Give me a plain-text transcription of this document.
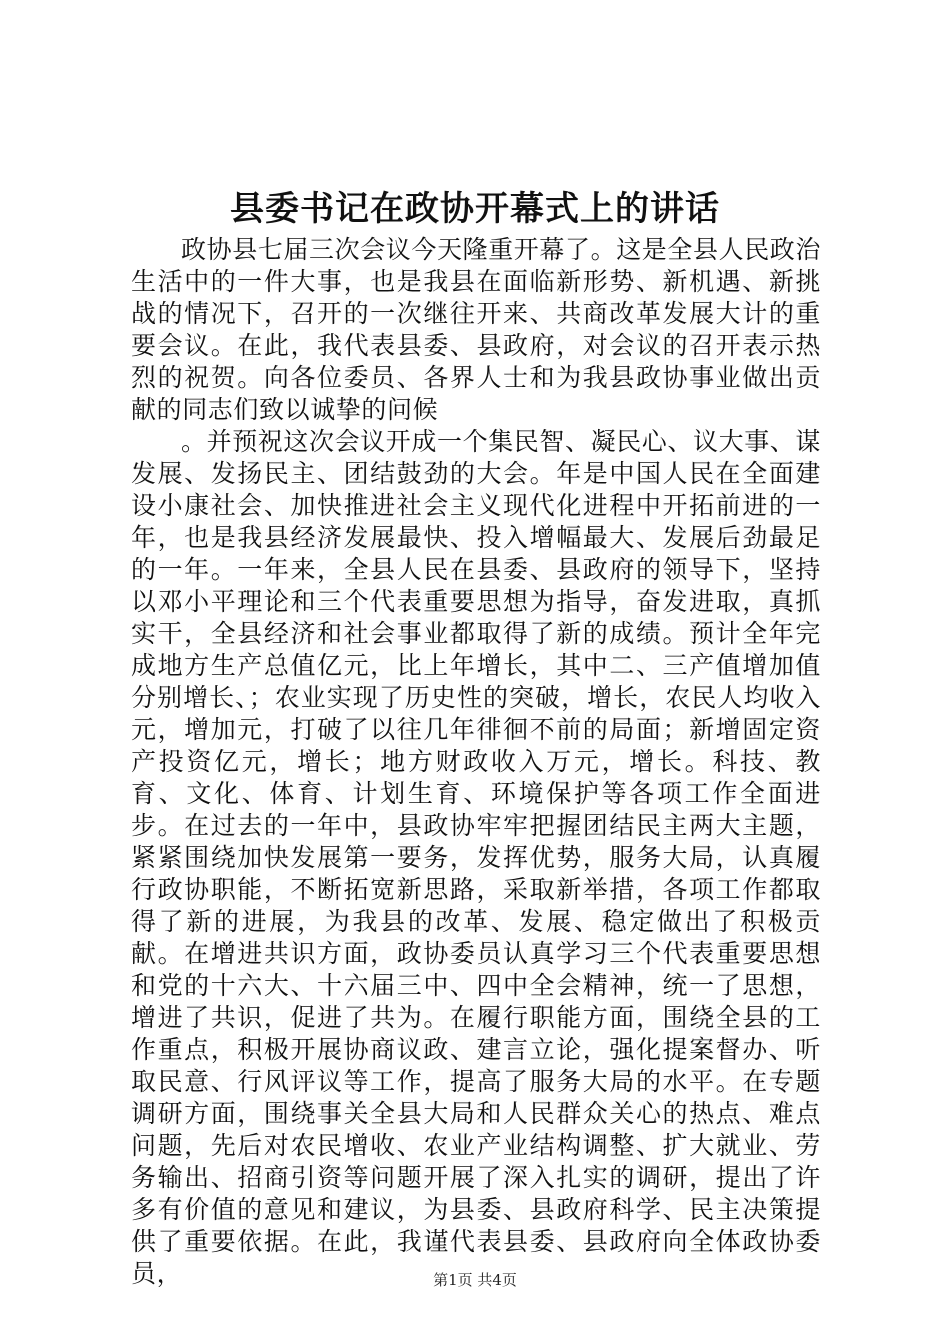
县委书记在政协开幕式上的讲话

政协县七届三次会议今天隆重开幕了。这是全县人民政治生活中的一件大事，也是我县在面临新形势、新机遇、新挑战的情况下，召开的一次继往开来、共商改革发展大计的重要会议。在此，我代表县委、县政府，对会议的召开表示热烈的祝贺。向各位委员、各界人士和为我县政协事业做出贡献的同志们致以诚挚的问候

。并预祝这次会议开成一个集民智、凝民心、议大事、谋发展、发扬民主、团结鼓劲的大会。年是中国人民在全面建设小康社会、加快推进社会主义现代化进程中开拓前进的一年，也是我县经济发展最快、投入增幅最大、发展后劲最足的一年。一年来，全县人民在县委、县政府的领导下，坚持以邓小平理论和三个代表重要思想为指导，奋发进取，真抓实干，全县经济和社会事业都取得了新的成绩。预计全年完成地方生产总值亿元，比上年增长，其中二、三产值增加值分别增长、；农业实现了历史性的突破，增长，农民人均收入元，增加元，打破了以往几年徘徊不前的局面；新增固定资产投资亿元，增长；地方财政收入万元，增长。科技、教育、文化、体育、计划生育、环境保护等各项工作全面进步。在过去的一年中，县政协牢牢把握团结民主两大主题，紧紧围绕加快发展第一要务，发挥优势，服务大局，认真履行政协职能，不断拓宽新思路，采取新举措，各项工作都取得了新的进展，为我县的改革、发展、稳定做出了积极贡献。在增进共识方面，政协委员认真学习三个代表重要思想和党的十六大、十六届三中、四中全会精神，统一了思想，增进了共识，促进了共为。在履行职能方面，围绕全县的工作重点，积极开展协商议政、建言立论，强化提案督办、听取民意、行风评议等工作，提高了服务大局的水平。在专题调研方面，围绕事关全县大局和人民群众关心的热点、难点问题，先后对农民增收、农业产业结构调整、扩大就业、劳务输出、招商引资等问题开展了深入扎实的调研，提出了许多有价值的意见和建议，为县委、县政府科学、民主决策提供了重要依据。在此，我谨代表县委、县政府向全体政协委员，	第1页 共4页
